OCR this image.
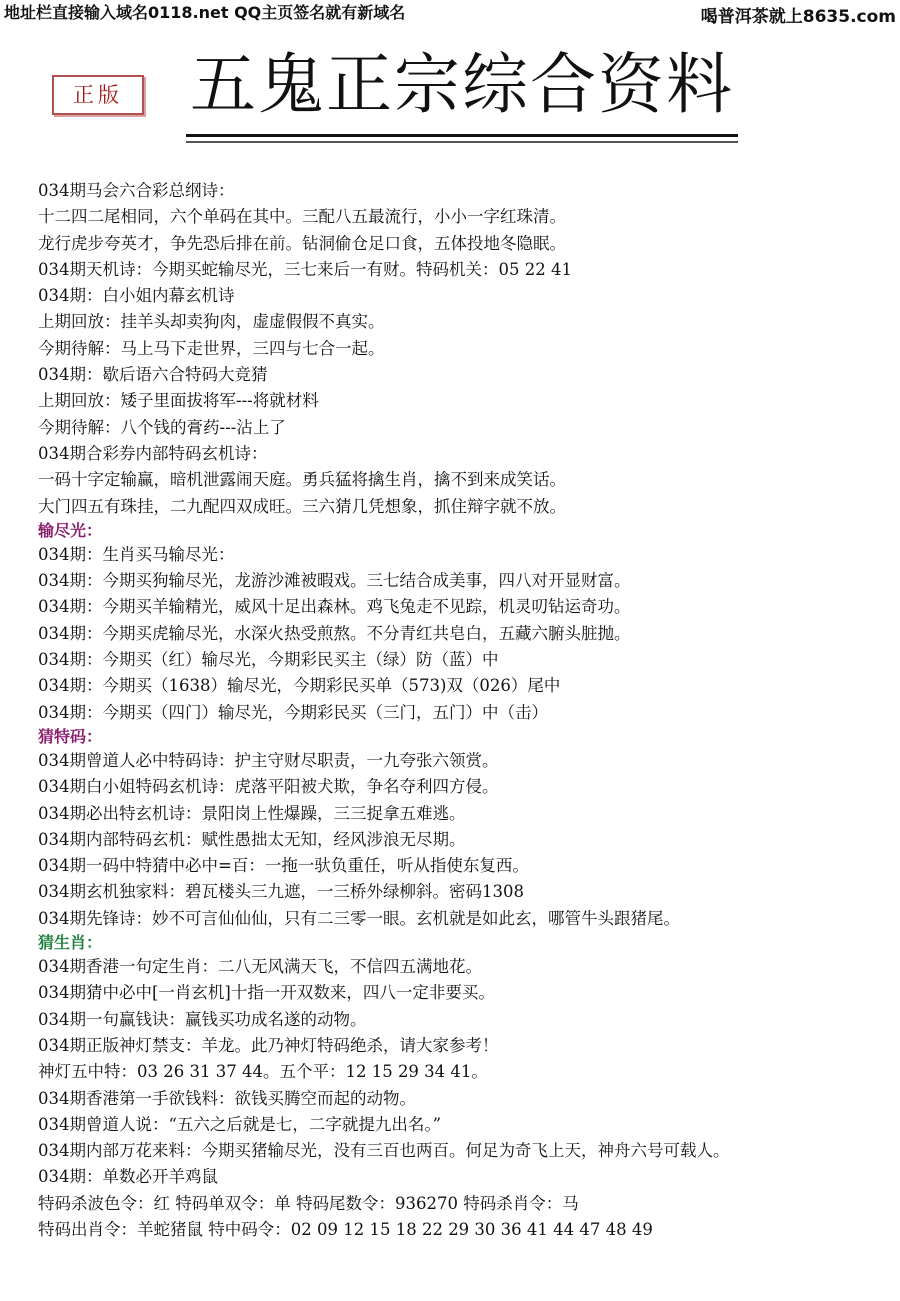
地址栏直接输入域名0118.net QQ主页签名就有新域名	喝普洱茶就上8635.com
正版	五鬼正宗综合资料
034期马会六合彩总纲诗：
十二四二尾相同，六个单码在其中。三配八五最流行，小小一字红珠清。
龙行虎步夸英才，争先恐后排在前。钻洞偷仓足口食，五体投地冬隐眠。
034期天机诗：今期买蛇输尽光，三七来后一有财。特码机关：05 22 41
034期：白小姐内幕玄机诗
上期回放：挂羊头却卖狗肉，虚虚假假不真实。
今期待解：马上马下走世界，三四与七合一起。
034期：歇后语六合特码大竞猜
上期回放：矮子里面拔将军---将就材料
今期待解：八个钱的膏药---沾上了
034期合彩券内部特码玄机诗：
一码十字定输赢，暗机泄露闹天庭。勇兵猛将擒生肖，擒不到来成笑话。
大门四五有珠挂，二九配四双成旺。三六猜几凭想象，抓住辩字就不放。
输尽光：
034期：生肖买马输尽光：
034期：今期买狗输尽光，龙游沙滩被暇戏。三七结合成美事，四八对开显财富。
034期：今期买羊输精光，威风十足出森林。鸡飞兔走不见踪，机灵叨钻运奇功。
034期：今期买虎输尽光，水深火热受煎熬。不分青红共皂白，五藏六腑头脏抛。
034期：今期买（红）输尽光，今期彩民买主（绿）防（蓝）中
034期：今期买（1638）输尽光，今期彩民买单（573)双（026）尾中
034期：今期买（四门）输尽光，今期彩民买（三门，五门）中（击）
猜特码：
034期曾道人必中特码诗：护主守财尽职责，一九夸张六领赏。
034期白小姐特码玄机诗：虎落平阳被犬欺，争名夺利四方侵。
034期必出特玄机诗：景阳岗上性爆躁，三三捉拿五难逃。
034期内部特码玄机：赋性愚拙太无知，经风涉浪无尽期。
034期一码中特猜中必中=百：一拖一驮负重任，听从指使东复西。
034期玄机独家料：碧瓦楼头三九遮，一三桥外绿柳斜。密码1308
034期先锋诗：妙不可言仙仙仙，只有二三零一眼。玄机就是如此玄，哪管牛头跟猪尾。
猜生肖：
034期香港一句定生肖：二八无风满天飞，不信四五满地花。
034期猜中必中[一肖玄机]十指一开双数来，四八一定非要买。
034期一句赢钱诀：赢钱买功成名遂的动物。
034期正版神灯禁支：羊龙。此乃神灯特码绝杀，请大家参考！
神灯五中特：03 26 31 37 44。五个平：12 15 29 34 41。
034期香港第一手欲钱料：欲钱买腾空而起的动物。
034期曾道人说：“五六之后就是七，二字就提九出名。”
034期内部万花来料：今期买猪输尽光，没有三百也两百。何足为奇飞上天，神舟六号可载人。
034期：单数必开羊鸡鼠
特码杀波色令：红 特码单双令：单 特码尾数令：936270 特码杀肖令：马
特码出肖令：羊蛇猪鼠 特中码令：02 09 12 15 18 22 29 30 36 41 44 47 48 49
